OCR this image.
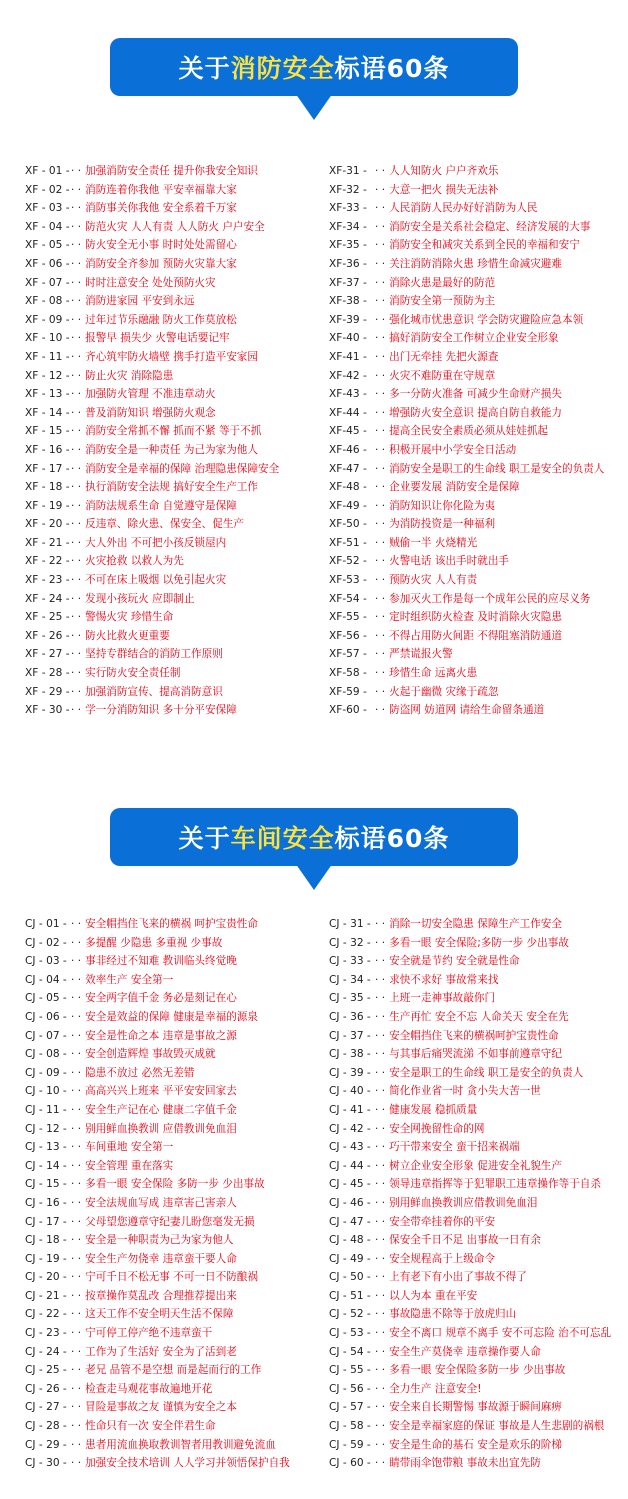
关于 消防安全 标语60条
XF - 01 -· · 加强消防安全责任 提升你我安全知识
XF - 02 -· · 消防连着你我他 平安幸福靠大家
XF - 03 -· · 消防事关你我他 安全系着千万家
XF - 04 -· · 防范火灾 人人有责 人人防火 户户安全
XF - 05 -· · 防火安全无小事 时时处处需留心
XF - 06 -· · 消防安全齐参加 预防火灾靠大家
XF - 07 -· · 时时注意安全 处处预防火灾
XF - 08 -· · 消防进家园 平安到永远
XF - 09 -· · 过年过节乐融融 防火工作莫放松
XF - 10 -· · 报警早 损失少 火警电话要记牢
XF - 11 -· · 齐心筑牢防火墙壁 携手打造平安家园
XF - 12 -· · 防止火灾 消除隐患
XF - 13 -· · 加强防火管理 不准违章动火
XF - 14 -· · 普及消防知识 增强防火观念
XF - 15 -· · 消防安全常抓不懈 抓而不紧 等于不抓
XF - 16 -· · 消防安全是一种责任 为己为家为他人
XF - 17 -· · 消防安全是幸福的保障 治理隐患保障安全
XF - 18 -· · 执行消防安全法规 搞好安全生产工作
XF - 19 -· · 消防法规系生命 自觉遵守是保障
XF - 20 -· · 反违章、除火患、保安全、促生产
XF - 21 -· · 大人外出 不可把小孩反锁屋内
XF - 22 -· · 火灾抢救 以救人为先
XF - 23 -· · 不可在床上吸烟 以免引起火灾
XF - 24 -· · 发现小孩玩火 应即制止
XF - 25 -· · 警惕火灾 珍惜生命
XF - 26 -· · 防火比救火更重要
XF - 27 -· · 坚持专群结合的消防工作原则
XF - 28 -· · 实行防火安全责任制
XF - 29 -· · 加强消防宣传、提高消防意识
XF - 30 -· · 学一分消防知识 多十分平安保障
XF-31 - · · 人人知防火 户户齐欢乐
XF-32 - · · 大意一把火 损失无法补
XF-33 - · · 人民消防人民办好好消防为人民
XF-34 - · · 消防安全是关系社会稳定、经济发展的大事
XF-35 - · · 消防安全和减灾关系到全民的幸福和安宁
XF-36 - · · 关注消防消除火患 珍惜生命减灾避难
XF-37 - · · 消除火患是最好的防范
XF-38 - · · 消防安全第一预防为主
XF-39 - · · 强化城市忧患意识 学会防灾避险应急本领
XF-40 - · · 搞好消防安全工作树立企业安全形象
XF-41 - · · 出门无牵挂 先把火源查
XF-42 - · · 火灾不难防重在守规章
XF-43 - · · 多一分防火准备 可减少生命财产损失
XF-44 - · · 增强防火安全意识 提高自防自救能力
XF-45 - · · 提高全民安全素质必须从娃娃抓起
XF-46 - · · 积极开展中小学安全日活动
XF-47 - · · 消防安全是职工的生命线 职工是安全的负责人
XF-48 - · · 企业要发展 消防安全是保障
XF-49 - · · 消防知识让你化险为夷
XF-50 - · · 为消防投资是一种福利
XF-51 - · · 贼偷一半 火烧精光
XF-52 - · · 火警电话 该出手时就出手
XF-53 - · · 预防火灾 人人有责
XF-54 - · · 参加灭火工作是每一个成年公民的应尽义务
XF-55 - · · 定时组织防火检查 及时消除火灾隐患
XF-56 - · · 不得占用防火间距 不得阻塞消防通道
XF-57 - · · 严禁谎报火警
XF-58 - · · 珍惜生命 远离火患
XF-59 - · · 火起于幽微 灾缘于疏忽
XF-60 - · · 防盗网 妨道网 请给生命留条通道
关于 车间安全 标语60条
CJ - 01 - · · 安全帽挡住飞来的横祸 呵护宝贵性命
CJ - 02 - · · 多提醒 少隐患 多重视 少事故
CJ - 03 - · · 事非经过不知难 教训临头终觉晚
CJ - 04 - · · 效率生产 安全第一
CJ - 05 - · · 安全两字值千金 务必是刻记在心
CJ - 06 - · · 安全是效益的保障 健康是幸福的源泉
CJ - 07 - · · 安全是性命之本 违章是事故之源
CJ - 08 - · · 安全创造辉煌 事故毁灭成就
CJ - 09 - · · 隐患不放过 必然无差错
CJ - 10 - · · 高高兴兴上班来 平平安安回家去
CJ - 11 - · · 安全生产记在心 健康二字值千金
CJ - 12 - · · 别用鲜血换教训 应借教训免血泪
CJ - 13 - · · 车间重地 安全第一
CJ - 14 - · · 安全管理 重在落实
CJ - 15 - · · 多看一眼 安全保险 多防一步 少出事故
CJ - 16 - · · 安全法规血写成 违章害己害亲人
CJ - 17 - · · 父母望您遵章守纪妻儿盼您毫发无损
CJ - 18 - · · 安全是一种职责为己为家为他人
CJ - 19 - · · 安全生产勿侥幸 违章蛮干要人命
CJ - 20 - · · 宁可千日不松无事 不可一日不防酿祸
CJ - 21 - · · 按章操作莫乱改 合理推荐提出来
CJ - 22 - · · 这天工作不安全明天生活不保障
CJ - 23 - · · 宁可停工停产绝不违章蛮干
CJ - 24 - · · 工作为了生活好 安全为了活到老
CJ - 25 - · · 老兄 品管不是空想 而是起而行的工作
CJ - 26 - · · 检查走马观花事故遍地开花
CJ - 27 - · · 冒险是事故之友 谨慎为安全之本
CJ - 28 - · · 性命只有一次 安全伴君生命
CJ - 29 - · · 患者用流血换取教训智者用教训避免流血
CJ - 30 - · · 加强安全技术培训 人人学习并领悟保护自我
CJ - 31 - · · 消除一切安全隐患 保障生产工作安全
CJ - 32 - · · 多看一眼 安全保险;多防一步 少出事故
CJ - 33 - · · 安全就是节约 安全就是性命
CJ - 34 - · · 求快不求好 事故常来找
CJ - 35 - · · 上班一走神事故敲你门
CJ - 36 - · · 生产再忙 安全不忘 人命关天 安全在先
CJ - 37 - · · 安全帽挡住飞来的横祸呵护宝贵性命
CJ - 38 - · · 与其事后痛哭流涕 不如事前遵章守纪
CJ - 39 - · · 安全是职工的生命线 职工是安全的负责人
CJ - 40 - · · 简化作业省一时 贪小失大苦一世
CJ - 41 - · · 健康发展 稳抓质量
CJ - 42 - · · 安全网挽留性命的网
CJ - 43 - · · 巧干带来安全 蛮干招来祸端
CJ - 44 - · · 树立企业安全形象 促进安全礼貌生产
CJ - 45 - · · 领导违章指挥等于犯罪职工违章操作等于自杀
CJ - 46 - · · 别用鲜血换教训应借教训免血泪
CJ - 47 - · · 安全带牵挂着你的平安
CJ - 48 - · · 保安全千日不足 出事故一日有余
CJ - 49 - · · 安全规程高于上级命令
CJ - 50 - · · 上有老下有小出了事故不得了
CJ - 51 - · · 以人为本 重在平安
CJ - 52 - · · 事故隐患不除等于放虎归山
CJ - 53 - · · 安全不离口 规章不离手 安不可忘险 治不可忘乱
CJ - 54 - · · 安全生产莫侥幸 违章操作要人命
CJ - 55 - · · 多看一眼 安全保险多防一步 少出事故
CJ - 56 - · · 全力生产 注意安全!
CJ - 57 - · · 安全来自长期警惕 事故源于瞬间麻痹
CJ - 58 - · · 安全是幸福家庭的保证 事故是人生悲剧的祸根
CJ - 59 - · · 安全是生命的基石 安全是欢乐的阶梯
CJ - 60 - · · 睛带雨伞饱带粮 事故未出宜先防
